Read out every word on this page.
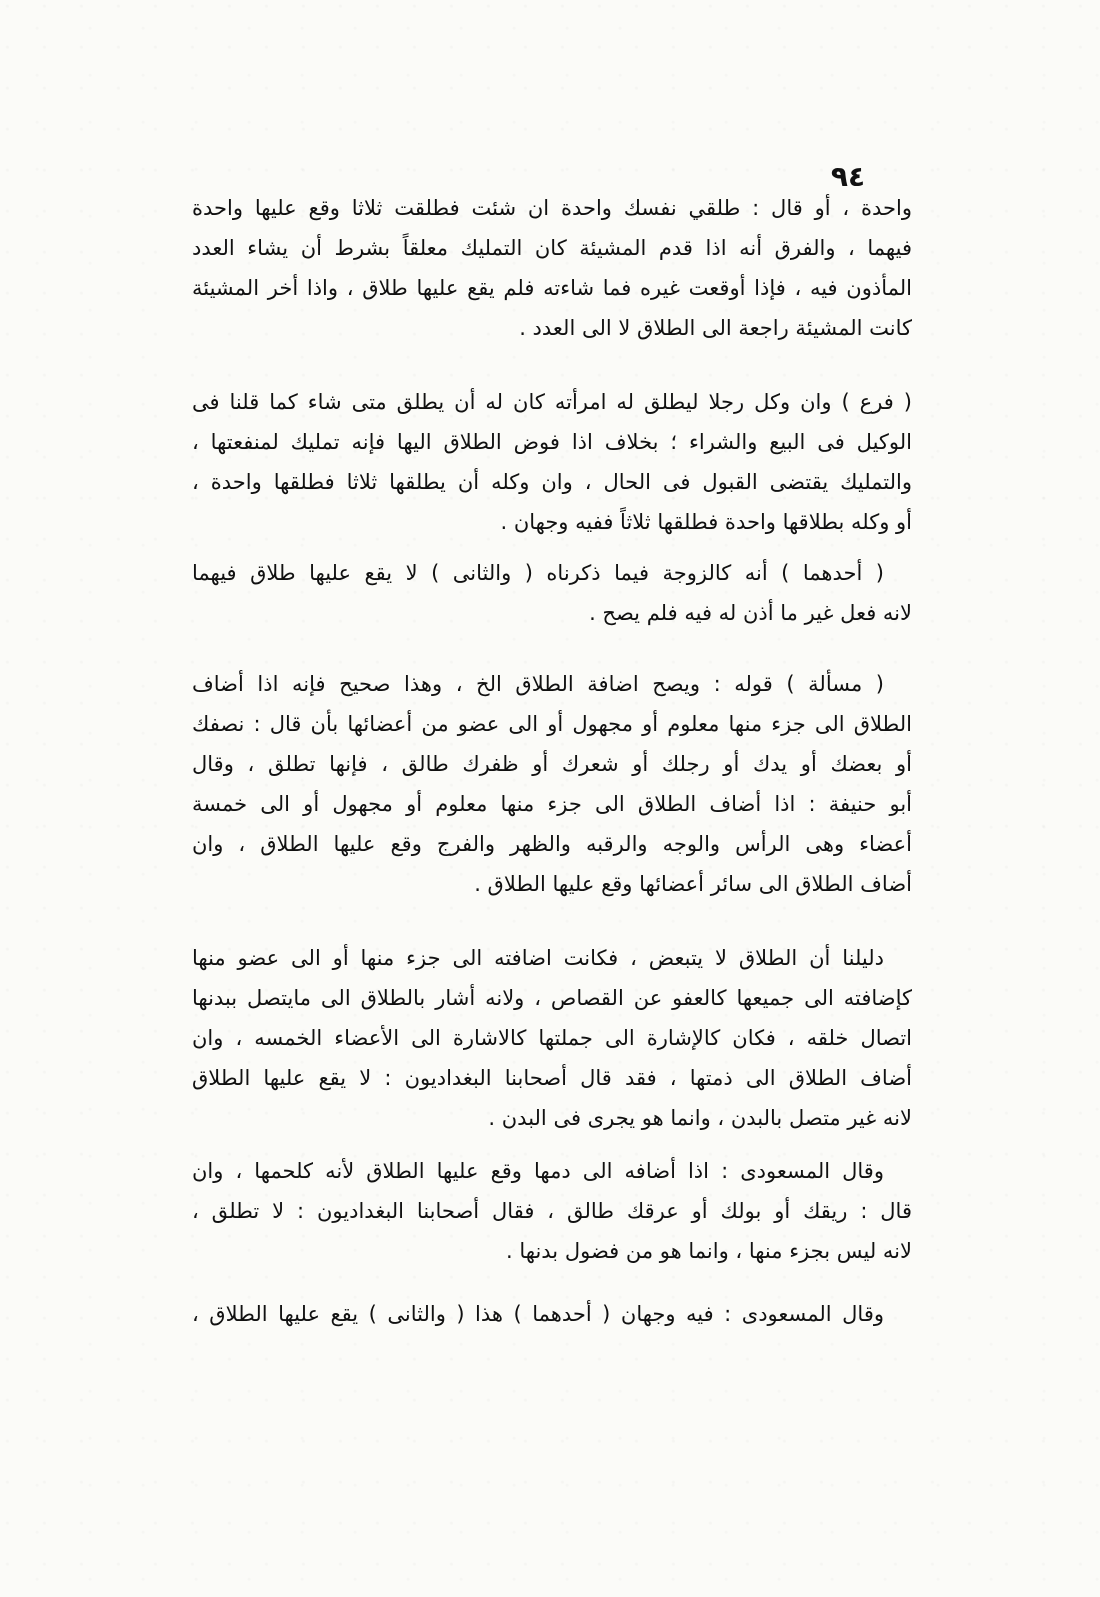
٩٤
واحدة ، أو قال : طلقي نفسك واحدة ان شئت فطلقت ثلاثا وقع عليها واحدة
فيهما ، والفرق أنه اذا قدم المشيئة كان التمليك معلقاً بشرط أن يشاء العدد
المأذون فيه ، فإذا أوقعت غيره فما شاءته فلم يقع عليها طلاق ، واذا أخر المشيئة
كانت المشيئة راجعة الى الطلاق لا الى العدد .
( فرع ) وان وكل رجلا ليطلق له امرأته كان له أن يطلق متى شاء كما قلنا فى
الوكيل فى البيع والشراء ؛ بخلاف اذا فوض الطلاق اليها فإنه تمليك لمنفعتها ،
والتمليك يقتضى القبول فى الحال ، وان وكله أن يطلقها ثلاثا فطلقها واحدة ،
أو وكله بطلاقها واحدة فطلقها ثلاثاً ففيه وجهان .
( أحدهما ) أنه كالزوجة فيما ذكرناه ( والثانى ) لا يقع عليها طلاق فيهما
لانه فعل غير ما أذن له فيه فلم يصح .
( مسألة ) قوله : ويصح اضافة الطلاق الخ ، وهذا صحيح فإنه اذا أضاف
الطلاق الى جزء منها معلوم أو مجهول أو الى عضو من أعضائها بأن قال : نصفك
أو بعضك أو يدك أو رجلك أو شعرك أو ظفرك طالق ، فإنها تطلق ، وقال
أبو حنيفة : اذا أضاف الطلاق الى جزء منها معلوم أو مجهول أو الى خمسة
أعضاء وهى الرأس والوجه والرقبه والظهر والفرج وقع عليها الطلاق ، وان
أضاف الطلاق الى سائر أعضائها وقع عليها الطلاق .
دليلنا أن الطلاق لا يتبعض ، فكانت اضافته الى جزء منها أو الى عضو منها
كإضافته الى جميعها كالعفو عن القصاص ، ولانه أشار بالطلاق الى مايتصل ببدنها
اتصال خلقه ، فكان كالإشارة الى جملتها كالاشارة الى الأعضاء الخمسه ، وان
أضاف الطلاق الى ذمتها ، فقد قال أصحابنا البغداديون : لا يقع عليها الطلاق
لانه غير متصل بالبدن ، وانما هو يجرى فى البدن .
وقال المسعودى : اذا أضافه الى دمها وقع عليها الطلاق لأنه كلحمها ، وان
قال : ريقك أو بولك أو عرقك طالق ، فقال أصحابنا البغداديون : لا تطلق ،
لانه ليس بجزء منها ، وانما هو من فضول بدنها .
وقال المسعودى : فيه وجهان ( أحدهما ) هذا ( والثانى ) يقع عليها الطلاق ،
